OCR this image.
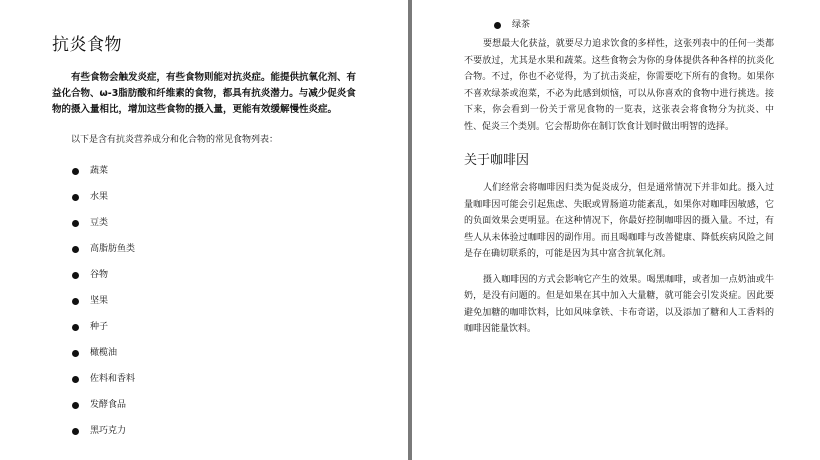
抗炎食物

有些食物会触发炎症，有些食物则能对抗炎症。能提供抗氧化剂、有益化合物、ω-3脂肪酸和纤维素的食物，都具有抗炎潜力。与减少促炎食物的摄入量相比，增加这些食物的摄入量，更能有效缓解慢性炎症。

以下是含有抗炎营养成分和化合物的常见食物列表：

蔬菜
水果
豆类
高脂肪鱼类
谷物
坚果
种子
橄榄油
佐料和香料
发酵食品
黑巧克力
绿茶

要想最大化获益，就要尽力追求饮食的多样性，这张列表中的任何一类都不要放过，尤其是水果和蔬菜。这些食物会为你的身体提供各种各样的抗炎化合物。不过，你也不必觉得，为了抗击炎症，你需要吃下所有的食物。如果你不喜欢绿茶或泡菜，不必为此感到烦恼，可以从你喜欢的食物中进行挑选。接下来，你会看到一份关于常见食物的一览表，这张表会将食物分为抗炎、中性、促炎三个类别。它会帮助你在制订饮食计划时做出明智的选择。

关于咖啡因

人们经常会将咖啡因归类为促炎成分，但是通常情况下并非如此。摄入过量咖啡因可能会引起焦虑、失眠或胃肠道功能紊乱，如果你对咖啡因敏感，它的负面效果会更明显。在这种情况下，你最好控制咖啡因的摄入量。不过，有些人从未体验过咖啡因的副作用。而且喝咖啡与改善健康、降低疾病风险之间是存在确切联系的，可能是因为其中富含抗氧化剂。

摄入咖啡因的方式会影响它产生的效果。喝黑咖啡，或者加一点奶油或牛奶，是没有问题的。但是如果在其中加入大量糖，就可能会引发炎症。因此要避免加糖的咖啡饮料，比如风味拿铁、卡布奇诺，以及添加了糖和人工香料的咖啡因能量饮料。
